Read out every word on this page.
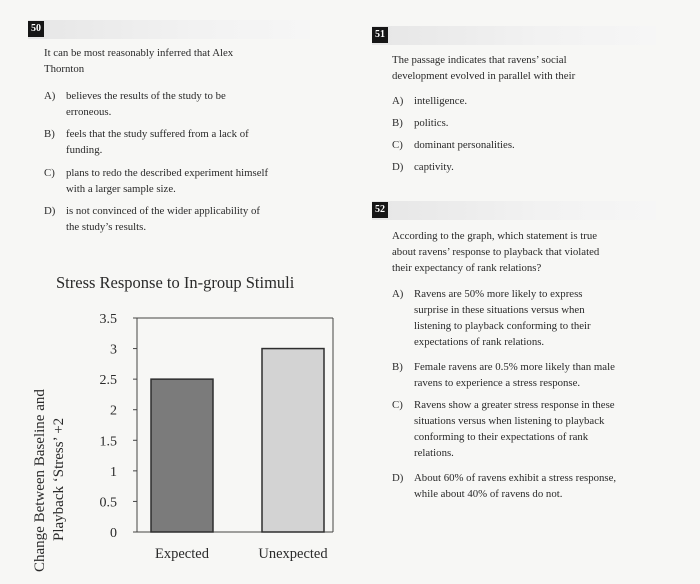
50
It can be most reasonably inferred that Alex
Thornton
A) believes the results of the study to be
erroneous.
B) feels that the study suffered from a lack of
funding.
C) plans to redo the described experiment himself
with a larger sample size.
D) is not convinced of the wider applicability of
the study’s results.
Stress Response to In-group Stimuli
Change Between Baseline and Playback ‘Stress’ +2	0
0.5
1
1.5
2
2.5
3
3.5
Expected	Unexpected
51
The passage indicates that ravens’ social
development evolved in parallel with their
A) intelligence.
B) politics.
C) dominant personalities.
D) captivity.
52
According to the graph, which statement is true
about ravens’ response to playback that violated
their expectancy of rank relations?
A) Ravens are 50% more likely to express
surprise in these situations versus when
listening to playback conforming to their
expectations of rank relations.
B) Female ravens are 0.5% more likely than male
ravens to experience a stress response.
C) Ravens show a greater stress response in these
situations versus when listening to playback
conforming to their expectations of rank
relations.
D) About 60% of ravens exhibit a stress response,
while about 40% of ravens do not.
